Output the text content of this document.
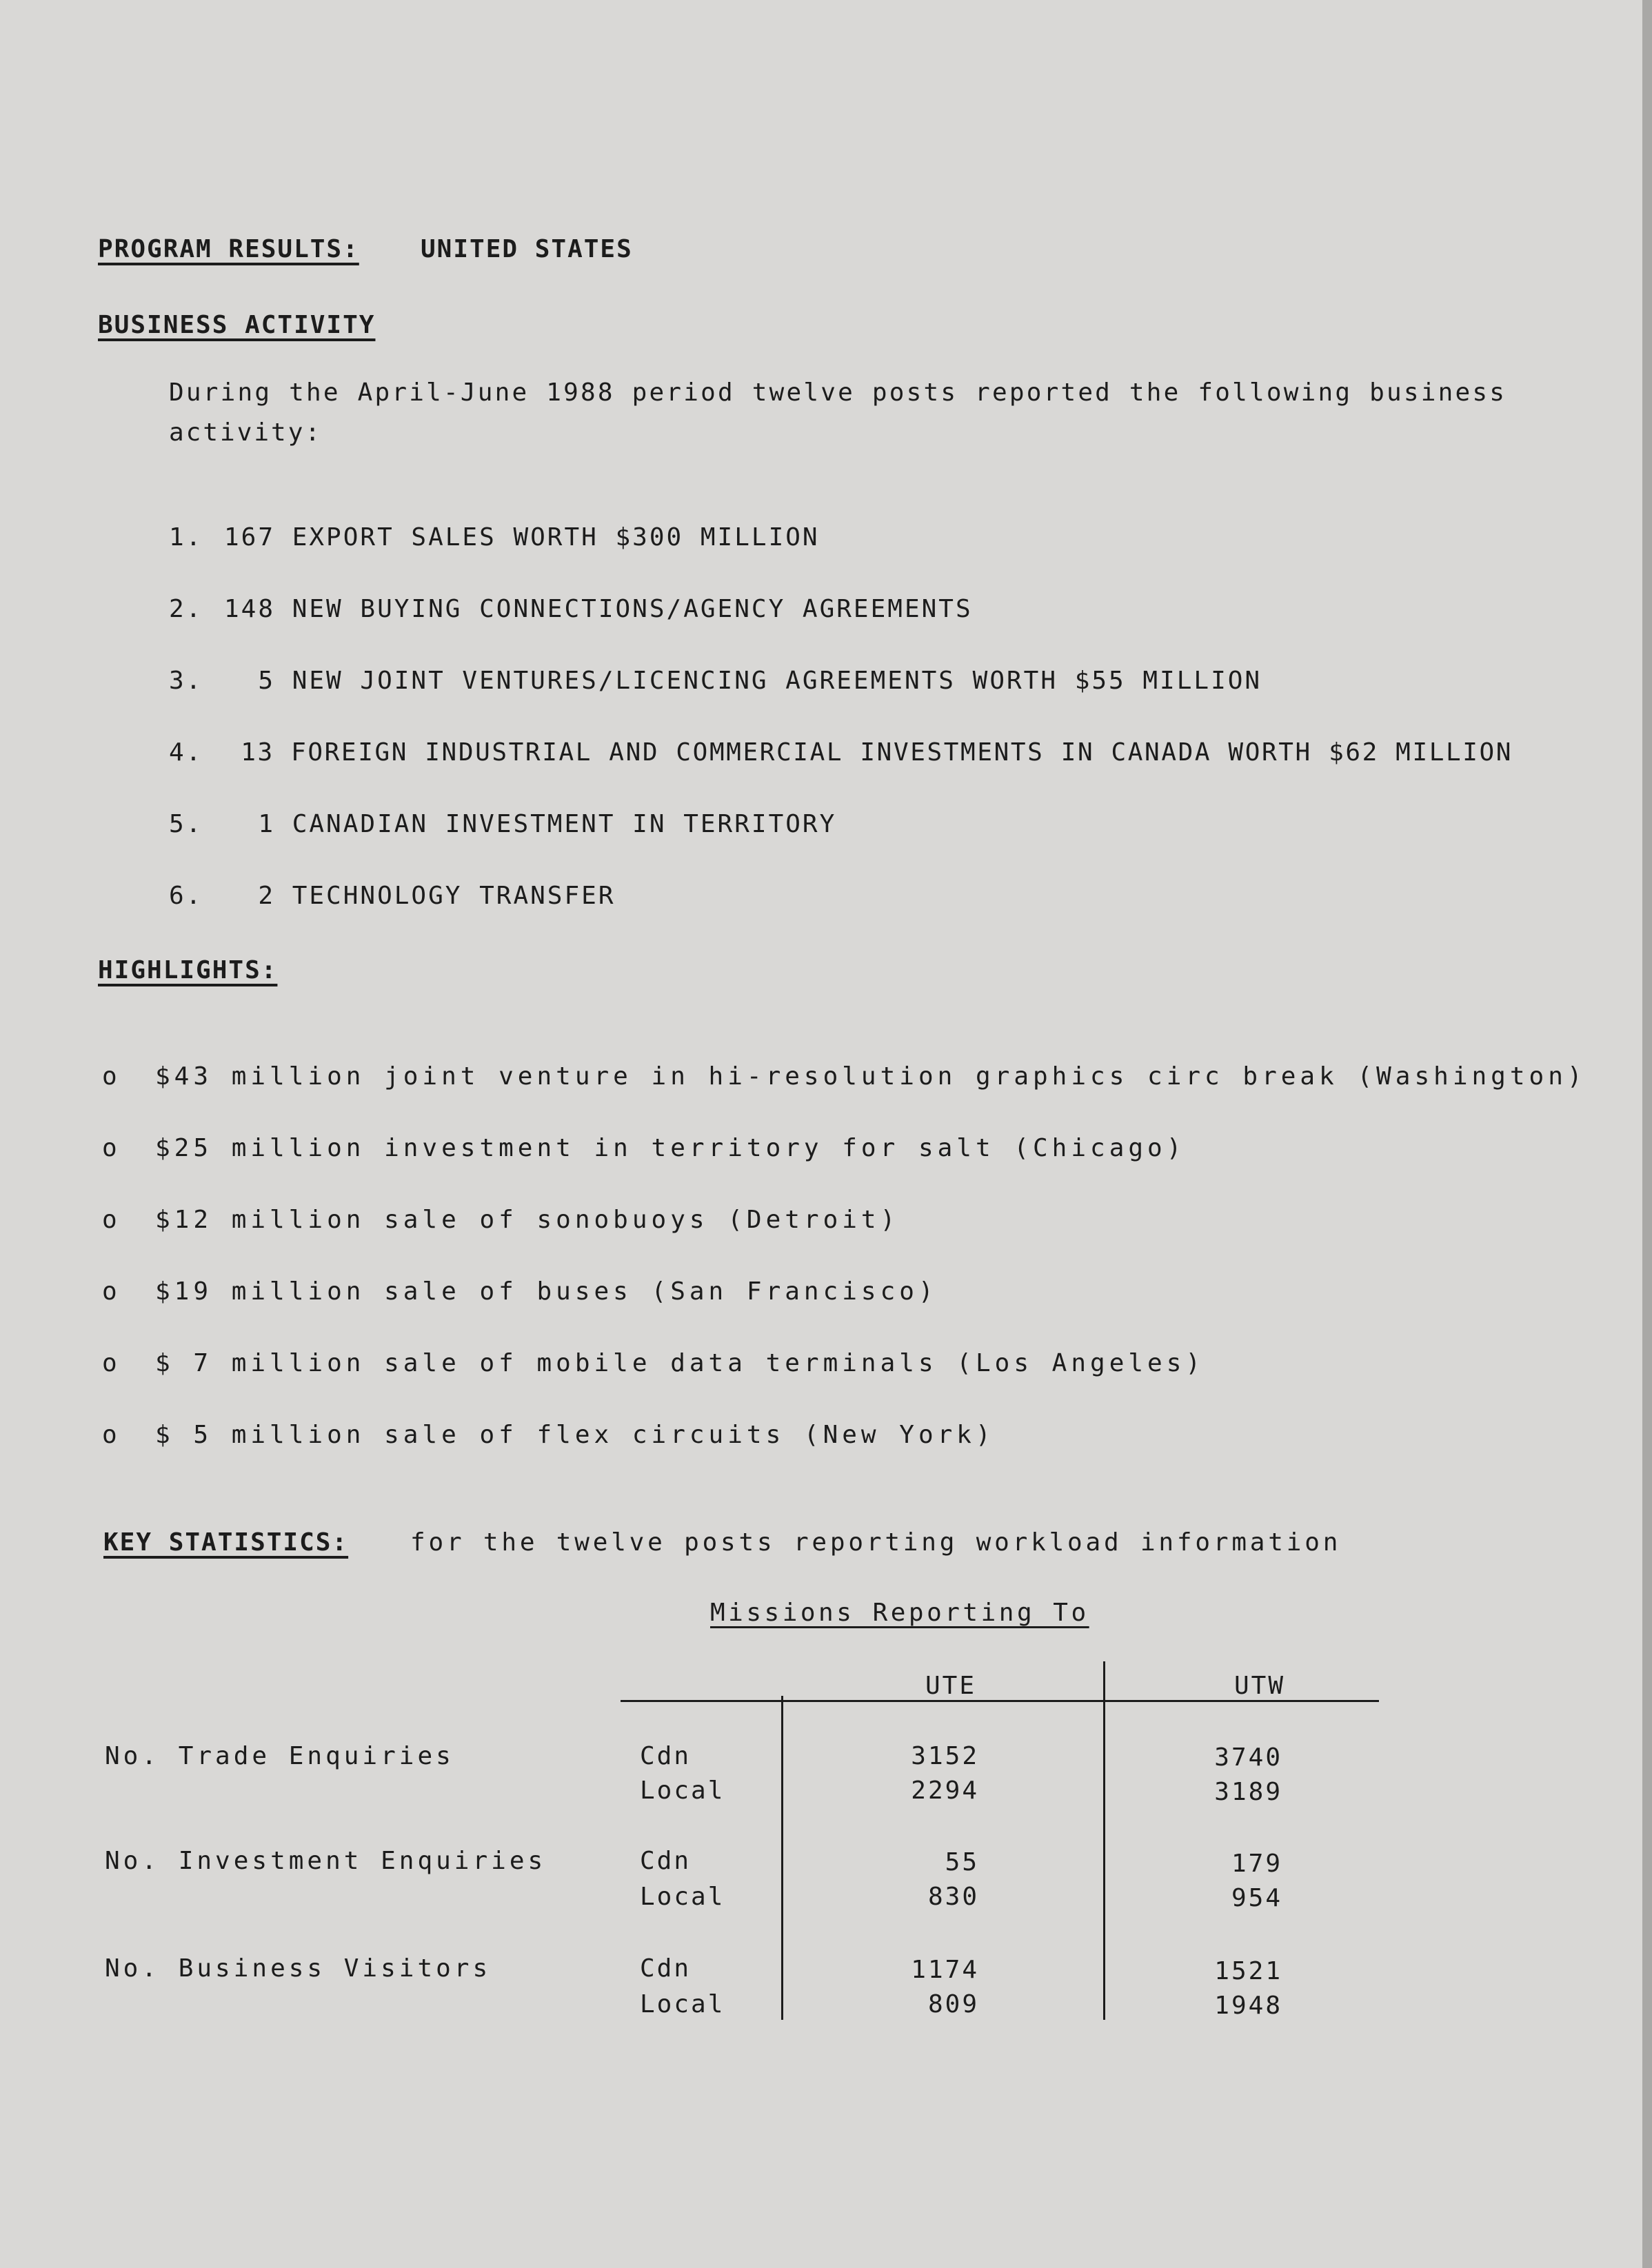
PROGRAM RESULTS: UNITED STATES
BUSINESS ACTIVITY
During the April-June 1988 period twelve posts reported the following business
activity:
1. 167 EXPORT SALES WORTH $300 MILLION
2. 148 NEW BUYING CONNECTIONS/AGENCY AGREEMENTS
3. 5 NEW JOINT VENTURES/LICENCING AGREEMENTS WORTH $55 MILLION
4. 13 FOREIGN INDUSTRIAL AND COMMERCIAL INVESTMENTS IN CANADA WORTH $62 MILLION
5. 1 CANADIAN INVESTMENT IN TERRITORY
6. 2 TECHNOLOGY TRANSFER
HIGHLIGHTS:
o $43 million joint venture in hi-resolution graphics circ break (Washington)
o $25 million investment in territory for salt (Chicago)
o $12 million sale of sonobuoys (Detroit)
o $19 million sale of buses (San Francisco)
o $ 7 million sale of mobile data terminals (Los Angeles)
o $ 5 million sale of flex circuits (New York)
KEY STATISTICS: for the twelve posts reporting workload information
Missions Reporting To
UTE	UTW
No. Trade Enquiries	Cdn	3152	3740
Local	2294	3189
No. Investment Enquiries	Cdn	55	179
Local	830	954
No. Business Visitors	Cdn	1174	1521
Local	809	1948
